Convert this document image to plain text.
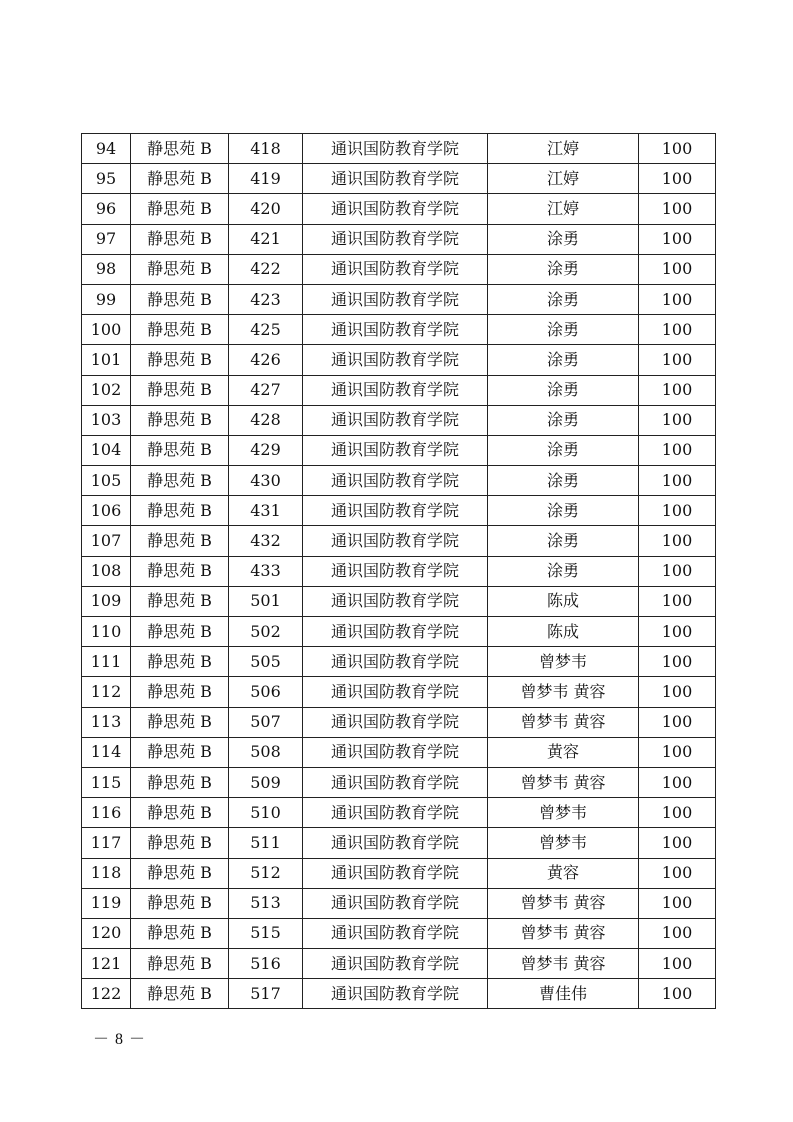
94	静思苑 B	418	通识国防教育学院	江婷	100
95	静思苑 B	419	通识国防教育学院	江婷	100
96	静思苑 B	420	通识国防教育学院	江婷	100
97	静思苑 B	421	通识国防教育学院	涂勇	100
98	静思苑 B	422	通识国防教育学院	涂勇	100
99	静思苑 B	423	通识国防教育学院	涂勇	100
100	静思苑 B	425	通识国防教育学院	涂勇	100
101	静思苑 B	426	通识国防教育学院	涂勇	100
102	静思苑 B	427	通识国防教育学院	涂勇	100
103	静思苑 B	428	通识国防教育学院	涂勇	100
104	静思苑 B	429	通识国防教育学院	涂勇	100
105	静思苑 B	430	通识国防教育学院	涂勇	100
106	静思苑 B	431	通识国防教育学院	涂勇	100
107	静思苑 B	432	通识国防教育学院	涂勇	100
108	静思苑 B	433	通识国防教育学院	涂勇	100
109	静思苑 B	501	通识国防教育学院	陈成	100
110	静思苑 B	502	通识国防教育学院	陈成	100
111	静思苑 B	505	通识国防教育学院	曾梦韦	100
112	静思苑 B	506	通识国防教育学院	曾梦韦 黄容	100
113	静思苑 B	507	通识国防教育学院	曾梦韦 黄容	100
114	静思苑 B	508	通识国防教育学院	黄容	100
115	静思苑 B	509	通识国防教育学院	曾梦韦 黄容	100
116	静思苑 B	510	通识国防教育学院	曾梦韦	100
117	静思苑 B	511	通识国防教育学院	曾梦韦	100
118	静思苑 B	512	通识国防教育学院	黄容	100
119	静思苑 B	513	通识国防教育学院	曾梦韦 黄容	100
120	静思苑 B	515	通识国防教育学院	曾梦韦 黄容	100
121	静思苑 B	516	通识国防教育学院	曾梦韦 黄容	100
122	静思苑 B	517	通识国防教育学院	曹佳伟	100
－ 8 －
